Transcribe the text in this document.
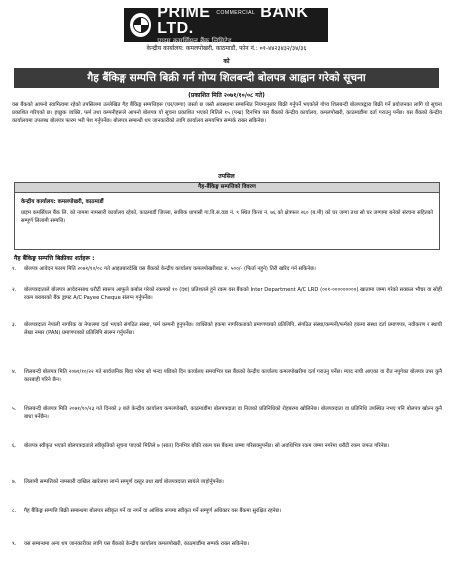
PRiME $^{COMMERCIAL}$ BANK LTD.
प्राइम कमर्सियल बैंक लिमिटेड
केन्द्रीय कार्यालय: कमलपोखरी, काठमाडौं, फोन नं.: ०१-४४२३४३२/३४/३६
को
गैह बैंकिङ्ग सम्पत्ति बिक्री गर्न गोप्य शिलबन्दी बोलपत्र आह्वान गरेको सूचना
(प्रकाशित मिति २०७१/१०/०८ गते)
यस बैंकको आफ्नो स्वामित्वमा रहेको तपसिलमा उल्लेखित गैह बैंकिङ्ग सम्पत्तिहरू (घर/जग्गा) जस्तो छ जस्तै अवस्थामा सम्बन्धित नियमानुसार बिक्री गर्नुपर्ने भएकोले गोप्य शिलबन्दी बोलपत्रद्वारा बिक्री गर्ने प्रयोजनका लागि यो सूचना प्रकाशित गरिएको छ। इच्छुक व्यक्ति, फर्म तथा कम्पनीहरूले आफ्नो बोलपत्र यो सूचना प्रकाशित भएको मितिले १५ (पन्ध्र) दिनभित्र यस बैंकको केन्द्रीय कार्यालय, कमलपोखरी, काठमाडौंमा दर्ता गराउनु पर्नेछ। यस बैंकको केन्द्रीय कार्यालयमा उपलब्ध बोलपत्र फारम भरी पेश गर्नुपर्नेछ। बोलपत्र सम्बन्धी थप जानकारीको लागि कार्यालय समयभित्र सम्पर्क राख्न सकिनेछ।
तपसिल
गैह-बैंकिङ्ग सम्पत्तिको विवरण
केन्द्रीय कार्यालय: कमलपोखरी, काठमाडौं
प्राइम कमर्सियल बैंक लि. को नाममा नामसारी कार्यालय रहेको, काठमाडौं जिल्ला, साबिक धापासी गा.वि.स.वडा नं. ९ स्थित कित्ता नं. ७६ को क्षेत्रफल २६० (ब.मी) को घर जग्गा तथा सो घर जग्गामा बनेको संरचना सहितको सम्पूर्ण लिलामी सम्पत्ति।
गैह बैंकिङ्ग सम्पत्ति बिक्रीका शर्तहरू :
१.	बोलपत्र आवेदन फारम मिति २०७१/१०/०८ गते आइतबारदेखि यस बैंकको केन्द्रीय कार्यालय कमलपोखरीबाट रु. ५००/- (फिर्ता नहुने) तिरी खरिद गर्न सकिनेछ।
२.	बोलपत्रदाताले बोलपत्र आवेदनसाथ धरौटी स्वरूप आफूले कबोल गरेको रकमको १० (दश) प्रतिशतले हुने रकम यस बैंकको Inter Department A/C LRD (००१-०००००००००) खातामा जम्मा गरेको सक्कल भौचर वा सोही रकम बराबरको बैंक ड्राफ्ट A/C Payee Cheque संलग्न गर्नुपर्नेछ।
३.	बोलपत्रदाता नेपाली नागरिक वा नेपालमा दर्ता भएको संगठित संस्था, फर्म कम्पनी हुनुपर्नेछ। व्यक्तिको हकमा नागरिकताको प्रमाणपत्रको प्रतिलिपि, संगठित संस्था/कम्पनी/फर्मको हकमा संस्था दर्ता प्रमाणपत्र, नवीकरण र स्थायी लेखा नम्बर (PAN) प्रमाणपत्रको प्रतिलिपि संलग्न गर्नुपर्नेछ।
४.	शिलबन्दी बोलपत्र मिति २०७१/१०/२२ गते सार्वजनिक बिदा परेमा सो भन्दा पछिको दिन कार्यालय समयभित्र यस बैंकको केन्द्रीय कार्यालय कमलपोखरीमा दर्ता गराउनु पर्नेछ। म्याद नाघी आएका वा रीत नपुगेका बोलपत्र उपर कुनै कारबाही गरिने छैन।
५.	शिलबन्दी बोलपत्र मिति २०७१/१०/२३ गते दिनको ३ बजे केन्द्रीय कार्यालय कमलपोखरी, काठमाडौंमा बोलपत्रदाता वा निजको प्रतिनिधिको रोहबरमा खोलिनेछ। बोलपत्रदाता वा प्रतिनिधि उपस्थित नभए पनि बोलपत्र खोल्न कुनै बाधा पर्नेछैन।
६.	बोलपत्र स्वीकृत भएको बोलपत्रदाताले स्वीकृतिको सूचना पाएको मितिले ७ (सात) दिनभित्र बाँकी रकम यस बैंकमा जम्मा गरिसक्नुपर्नेछ। सो अवधिभित्र रकम जम्मा नगरेमा धरौटी रकम जफत गरिनेछ।
७.	लिलामी सम्पत्तिको नामसारी दाखिल खारेजमा लाग्ने सम्पूर्ण दस्तुर तथा खर्च बोलपत्रदाता स्वयंले व्यहोर्नुपर्नेछ।
८.	गैह बैंकिङ्ग सम्पत्ति बिक्री सम्बन्धमा बोलपत्र स्वीकृत गर्ने वा नगर्ने वा आंशिक रूपमा स्वीकृत गर्ने सम्पूर्ण अधिकार यस बैंकमा सुरक्षित रहनेछ।
९.	यस सम्बन्धमा अन्य थप जानकारीका लागि यस बैंकको केन्द्रीय कार्यालय कमलपोखरी, काठमाडौंमा सम्पर्क राख्न सकिनेछ।
